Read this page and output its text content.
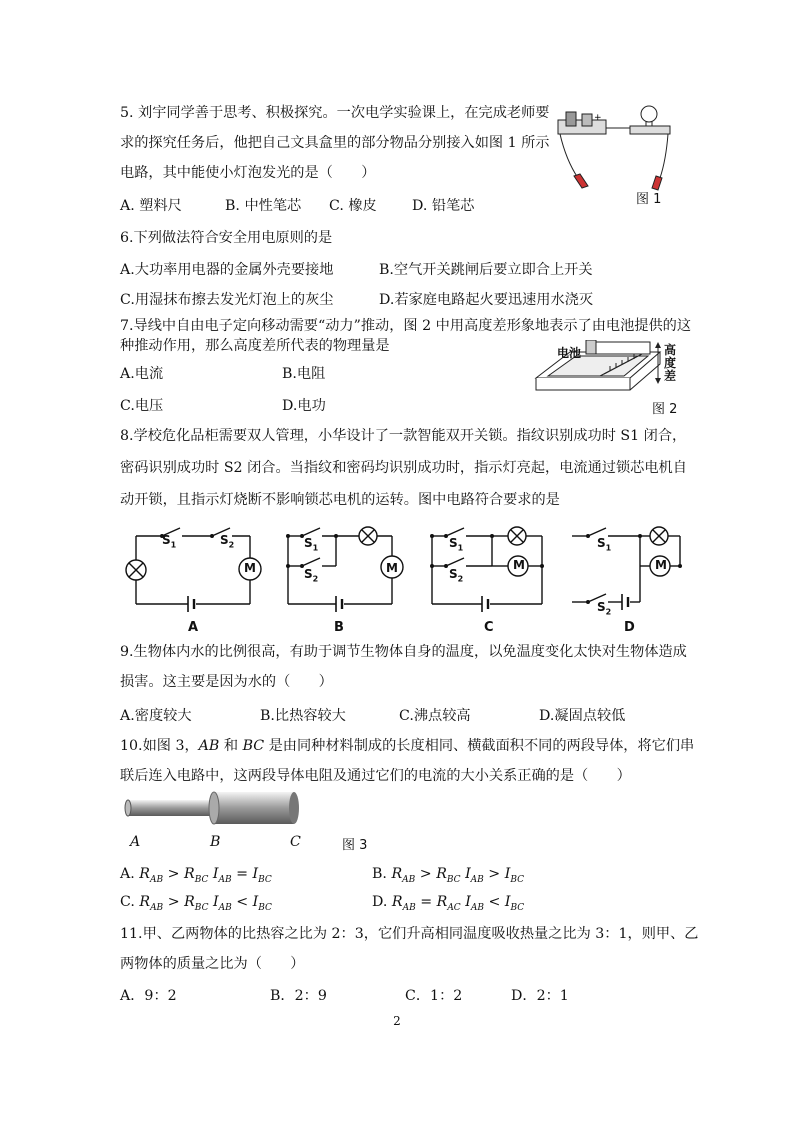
5. 刘宇同学善于思考、积极探究。一次电学实验课上，在完成老师要
求的探究任务后，他把自己文具盒里的部分物品分别接入如图 1 所示
电路，其中能使小灯泡发光的是（　　）
A. 塑料尺	B. 中性笔芯 C. 橡皮 D. 铅笔芯
+
图 1
6.下列做法符合安全用电原则的是
A.大功率用电器的金属外壳要接地	B.空气开关跳闸后要立即合上开关
C.用湿抹布擦去发光灯泡上的灰尘	D.若家庭电路起火要迅速用水浇灭
7.导线中自由电子定向移动需要“动力”推动，图 2 中用高度差形象地表示了由电池提供的这
种推动作用，那么高度差所代表的物理量是
A.电流	B.电阻
C.电压	D.电功
电池	高度差
图 2
8.学校危化品柜需要双人管理，小华设计了一款智能双开关锁。指纹识别成功时 S1 闭合，
密码识别成功时 S2 闭合。当指纹和密码均识别成功时，指示灯亮起，电流通过锁芯电机自
动开锁，且指示灯烧断不影响锁芯电机的运转。图中电路符合要求的是
$S_1$	$S_2$
M
A
$S_1$
$S_2$
M
B
$S_1$
$S_2$
M
C
$S_1$
$S_2$
M
D
9.生物体内水的比例很高，有助于调节生物体自身的温度，以免温度变化太快对生物体造成
损害。这主要是因为水的（　　）
A.密度较大	B.比热容较大	C.沸点较高	D.凝固点较低
10.如图 3，AB 和 BC 是由同种材料制成的长度相同、横截面积不同的两段导体，将它们串
联后连入电路中，这两段导体电阻及通过它们的电流的大小关系正确的是（　　）
A	B	C	图 3
A. $R_{AB} > R_{BC}$ $I_{AB} = I_{BC}$	B. $R_{AB} > R_{BC}$ $I_{AB} > I_{BC}$
C. $R_{AB} > R_{BC}$ $I_{AB} < I_{BC}$	D. $R_{AB} = R_{AC}$ $I_{AB} < I_{BC}$
11.甲、乙两物体的比热容之比为 2：3，它们升高相同温度吸收热量之比为 3：1，则甲、乙
两物体的质量之比为（　　）
A．9：2	B．2：9	C．1：2	D．2：1
2
